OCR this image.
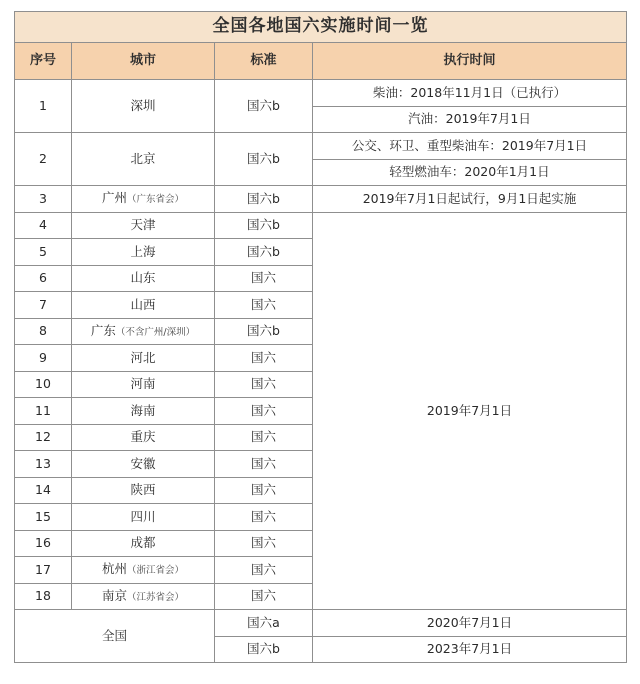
全国各地国六实施时间一览			
序号	城市	标准	执行时间
1	深圳	国六b	柴油：2018年11月1日（已执行）
			汽油：2019年7月1日
2	北京	国六b	公交、环卫、重型柴油车：2019年7月1日
			轻型燃油车：2020年1月1日
3	广州（广东省会）	国六b	2019年7月1日起试行，9月1日起实施
4	天津	国六b	2019年7月1日
5	上海	国六b	
6	山东	国六	
7	山西	国六	
8	广东（不含广州/深圳）	国六b	
9	河北	国六	
10	河南	国六	
11	海南	国六	
12	重庆	国六	
13	安徽	国六	
14	陕西	国六	
15	四川	国六	
16	成都	国六	
17	杭州（浙江省会）	国六	
18	南京（江苏省会）	国六	
全国		国六a	2020年7月1日
		国六b	2023年7月1日
